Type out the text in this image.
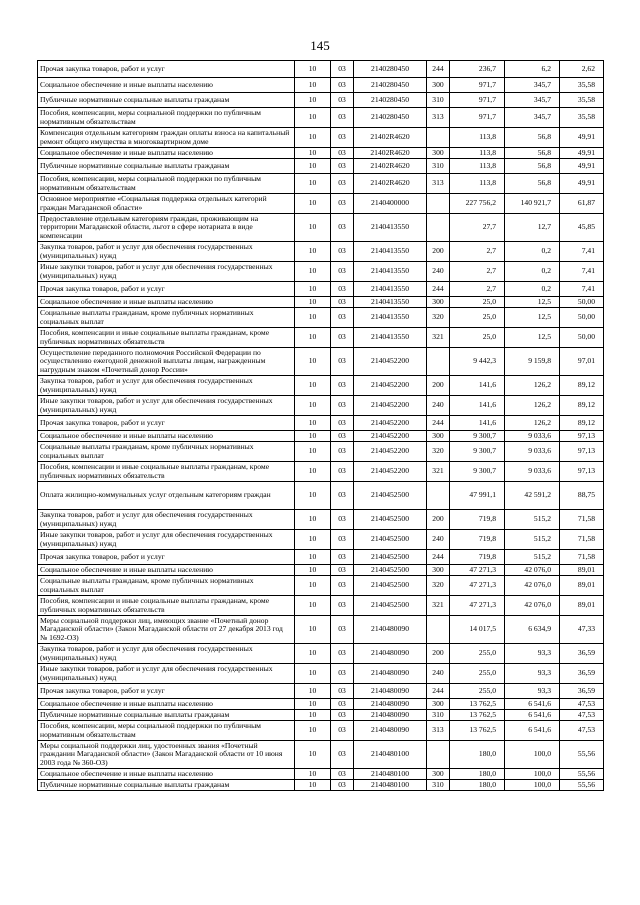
145
Прочая закупка товаров, работ и услуг	10	03	2140280450	244	236,7	6,2	2,62
Социальное обеспечение и иные выплаты населению	10	03	2140280450	300	971,7	345,7	35,58
Публичные нормативные социальные выплаты гражданам	10	03	2140280450	310	971,7	345,7	35,58
Пособия, компенсации, меры социальной поддержки по публичным нормативным обязательствам	10	03	2140280450	313	971,7	345,7	35,58
Компенсация отдельным категориям граждан оплаты взноса на капитальный ремонт общего имущества в многоквартирном доме	10	03	21402R4620		113,8	56,8	49,91
Социальное обеспечение и иные выплаты населению	10	03	21402R4620	300	113,8	56,8	49,91
Публичные нормативные социальные выплаты гражданам	10	03	21402R4620	310	113,8	56,8	49,91
Пособия, компенсации, меры социальной поддержки по публичным нормативным обязательствам	10	03	21402R4620	313	113,8	56,8	49,91
Основное мероприятие «Социальная поддержка отдельных категорий граждан Магаданской области»	10	03	2140400000		227 756,2	140 921,7	61,87
Предоставление отдельным категориям граждан, проживающим на территории Магаданской области, льгот в сфере нотариата в виде компенсации	10	03	2140413550		27,7	12,7	45,85
Закупка товаров, работ и услуг для обеспечения государственных (муниципальных) нужд	10	03	2140413550	200	2,7	0,2	7,41
Иные закупки товаров, работ и услуг для обеспечения государственных (муниципальных) нужд	10	03	2140413550	240	2,7	0,2	7,41
Прочая закупка товаров, работ и услуг	10	03	2140413550	244	2,7	0,2	7,41
Социальное обеспечение и иные выплаты населению	10	03	2140413550	300	25,0	12,5	50,00
Социальные выплаты гражданам, кроме публичных нормативных социальных выплат	10	03	2140413550	320	25,0	12,5	50,00
Пособия, компенсации и иные социальные выплаты гражданам, кроме публичных нормативных обязательств	10	03	2140413550	321	25,0	12,5	50,00
Осуществление переданного полномочия Российской Федерации по осуществлению ежегодной денежной выплаты лицам, награжденным нагрудным знаком «Почетный донор России»	10	03	2140452200		9 442,3	9 159,8	97,01
Закупка товаров, работ и услуг для обеспечения государственных (муниципальных) нужд	10	03	2140452200	200	141,6	126,2	89,12
Иные закупки товаров, работ и услуг для обеспечения государственных (муниципальных) нужд	10	03	2140452200	240	141,6	126,2	89,12
Прочая закупка товаров, работ и услуг	10	03	2140452200	244	141,6	126,2	89,12
Социальное обеспечение и иные выплаты населению	10	03	2140452200	300	9 300,7	9 033,6	97,13
Социальные выплаты гражданам, кроме публичных нормативных социальных выплат	10	03	2140452200	320	9 300,7	9 033,6	97,13
Пособия, компенсации и иные социальные выплаты гражданам, кроме публичных нормативных обязательств	10	03	2140452200	321	9 300,7	9 033,6	97,13
Оплата жилищно-коммунальных услуг отдельным категориям граждан	10	03	2140452500		47 991,1	42 591,2	88,75
Закупка товаров, работ и услуг для обеспечения государственных (муниципальных) нужд	10	03	2140452500	200	719,8	515,2	71,58
Иные закупки товаров, работ и услуг для обеспечения государственных (муниципальных) нужд	10	03	2140452500	240	719,8	515,2	71,58
Прочая закупка товаров, работ и услуг	10	03	2140452500	244	719,8	515,2	71,58
Социальное обеспечение и иные выплаты населению	10	03	2140452500	300	47 271,3	42 076,0	89,01
Социальные выплаты гражданам, кроме публичных нормативных социальных выплат	10	03	2140452500	320	47 271,3	42 076,0	89,01
Пособия, компенсации и иные социальные выплаты гражданам, кроме публичных нормативных обязательств	10	03	2140452500	321	47 271,3	42 076,0	89,01
Меры социальной поддержки лиц, имеющих звание «Почетный донор Магаданской области» (Закон Магаданской области от 27 декабря 2013 год № 1692-ОЗ)	10	03	2140480090		14 017,5	6 634,9	47,33
Закупка товаров, работ и услуг для обеспечения государственных (муниципальных) нужд	10	03	2140480090	200	255,0	93,3	36,59
Иные закупки товаров, работ и услуг для обеспечения государственных (муниципальных) нужд	10	03	2140480090	240	255,0	93,3	36,59
Прочая закупка товаров, работ и услуг	10	03	2140480090	244	255,0	93,3	36,59
Социальное обеспечение и иные выплаты населению	10	03	2140480090	300	13 762,5	6 541,6	47,53
Публичные нормативные социальные выплаты гражданам	10	03	2140480090	310	13 762,5	6 541,6	47,53
Пособия, компенсации, меры социальной поддержки по публичным нормативным обязательствам	10	03	2140480090	313	13 762,5	6 541,6	47,53
Меры социальной поддержки лиц, удостоенных звания «Почетный гражданин Магаданской области» (Закон Магаданской области от 10 июня 2003 года № 360-ОЗ)	10	03	2140480100		180,0	100,0	55,56
Социальное обеспечение и иные выплаты населению	10	03	2140480100	300	180,0	100,0	55,56
Публичные нормативные социальные выплаты гражданам	10	03	2140480100	310	180,0	100,0	55,56
